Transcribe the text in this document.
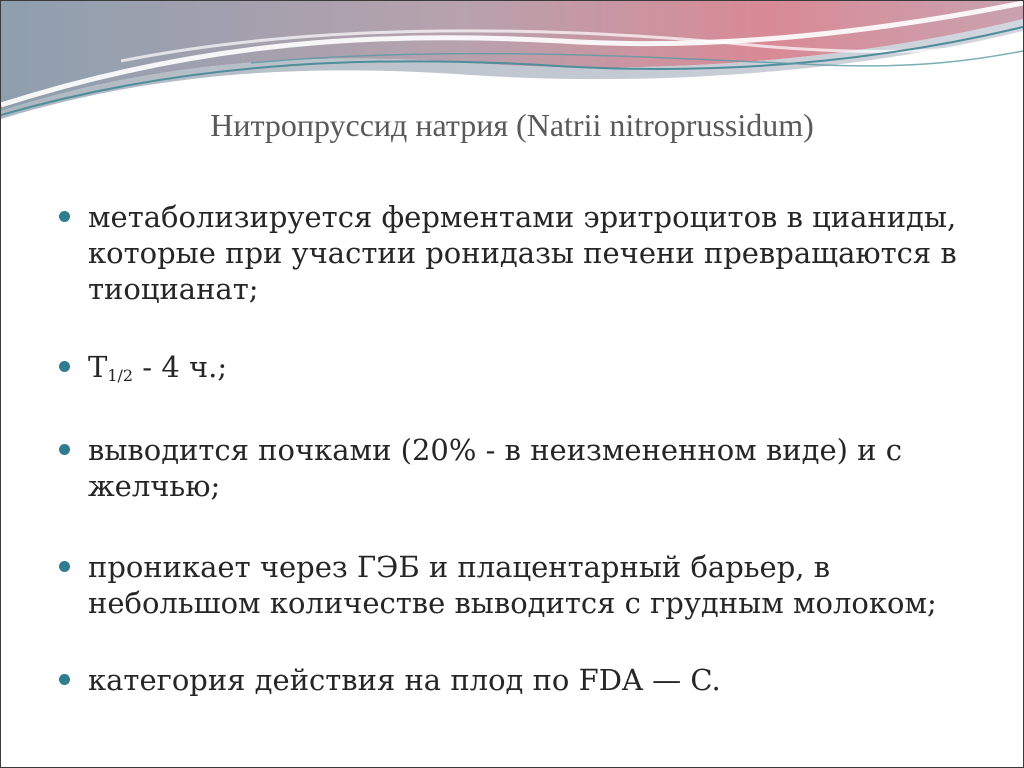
Нитропруссид натрия (Natrii nitroprussidum)
метаболизируется ферментами эритроцитов в цианиды, которые при участии ронидазы печени превращаются в тиоцианат;
$T_{1/2} - 4$ ч.;
выводится почками (20% - в неизмененном виде) и с желчью;
проникает через ГЭБ и плацентарный барьер, в небольшом количестве выводится с грудным молоком;
категория действия на плод по FDA — C.
